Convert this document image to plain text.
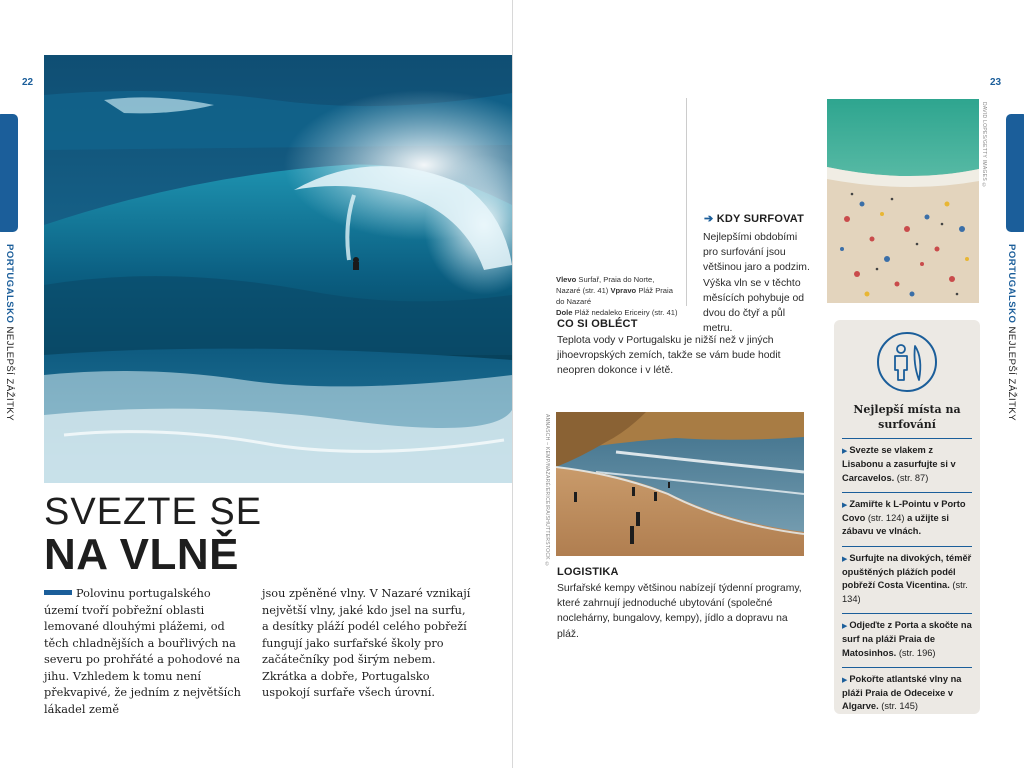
22	23
PORTUGALSKO NEJLEPŠÍ ZÁŽITKY
PORTUGALSKO NEJLEPŠÍ ZÁŽITKY
SVEZTE SE
NA VLNĚ
Polovinu portugalského území tvoří pobřežní oblasti lemované dlouhými plážemi, od těch chladnějších a bouřlivých na severu po prohřáté a pohodové na jihu. Vzhledem k tomu není překvapivé, že jedním z největších lákadel země
jsou zpěněné vlny. V Nazaré vznikají největší vlny, jaké kdo jsel na surfu, a desítky pláží podél celého pobřeží fungují jako surfařské školy pro začátečníky pod širým nebem. Zkrátka a dobře, Portugalsko uspokojí surfaře všech úrovní.
Vlevo Surfař, Praia do Norte, Nazaré (str. 41) Vpravo Pláž Praia do Nazaré
Dole Pláž nedaleko Ericeiry (str. 41)
➔ KDY SURFOVAT
Nejlepšími obdobími pro surfování jsou většinou jaro a podzim. Výška vln se v těchto měsících pohybuje od dvou do čtyř a půl metru.
DAVID LOPES/GETTY IMAGES ©
CO SI OBLÉCT
Teplota vody v Portugalsku je nižší než v jiných jihoevropských zemích, takže se vám bude hodit neopren dokonce i v létě.
ANNASCH – KEMP/NAZARÉ/ERICEIRA/SHUTTERSTOCK ©
LOGISTIKA
Surfařské kempy většinou nabízejí týdenní programy, které zahrnují jednoduché ubytování (společné noclehárny, bungalovy, kempy), jídlo a dopravu na pláž.
Nejlepší místa na surfování
▶ Svezte se vlakem z Lisabonu a zasurfujte si v Carcavelos. (str. 87)
▶ Zamiřte k L-Pointu v Porto Covo (str. 124) a užijte si zábavu ve vlnách.
▶ Surfujte na divokých, téměř opuštěných plážích podél pobřeží Costa Vicentina. (str. 134)
▶ Odjeďte z Porta a skočte na surf na pláži Praia de Matosinhos. (str. 196)
▶ Pokořte atlantské vlny na pláži Praia de Odeceixe v Algarve. (str. 145)
